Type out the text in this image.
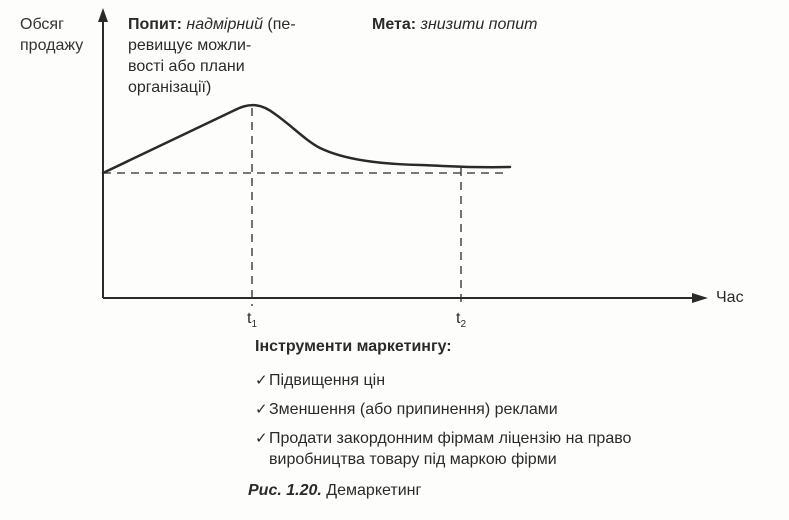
Обсяг
продажу
Попит: надмірний (пе-
ревищує можли-
вості або плани
організації)
Мета: знизити попит
Час
$t_1$	$t_2$
Інструменти маркетингу:
✓ Підвищення цін
✓ Зменшення (або припинення) реклами
✓ Продати закордонним фірмам ліцензію на право
виробництва товару під маркою фірми
Рис. 1.20. Демаркетинг
